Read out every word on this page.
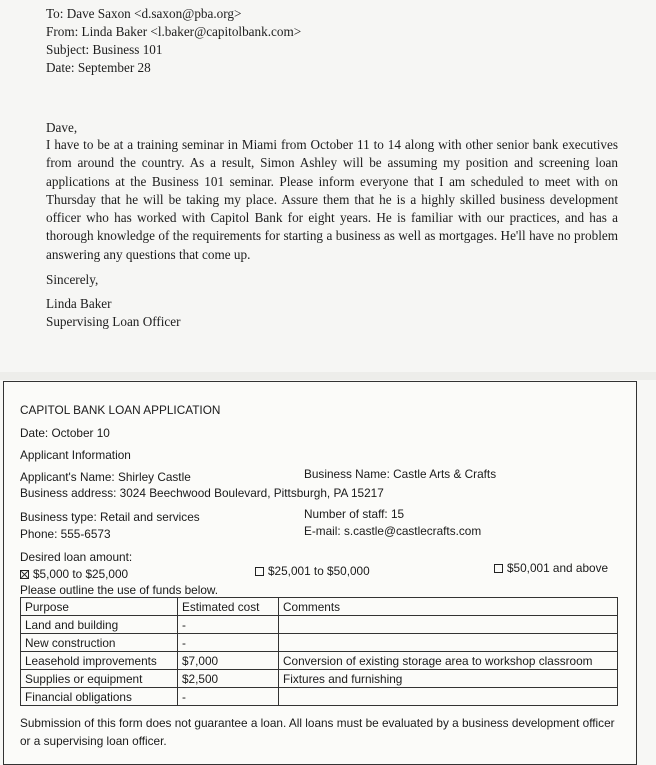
To: Dave Saxon <d.saxon@pba.org>
From: Linda Baker <l.baker@capitolbank.com>
Subject: Business 101
Date: September 28
Dave,
I have to be at a training seminar in Miami from October 11 to 14 along with other senior bank executives from around the country. As a result, Simon Ashley will be assuming my position and screening loan applications at the Business 101 seminar. Please inform everyone that I am scheduled to meet with on Thursday that he will be taking my place. Assure them that he is a highly skilled business development officer who has worked with Capitol Bank for eight years. He is familiar with our practices, and has a thorough knowledge of the requirements for starting a business as well as mortgages. He'll have no problem answering any questions that come up.
Sincerely,
Linda Baker
Supervising Loan Officer
CAPITOL BANK LOAN APPLICATION
Date: October 10
Applicant Information
Applicant's Name: Shirley Castle	Business Name: Castle Arts & Crafts
Business address: 3024 Beechwood Boulevard, Pittsburgh, PA 15217
Business type: Retail and services	Number of staff: 15
Phone: 555-6573	E-mail: s.castle@castlecrafts.com
Desired loan amount:
$5,000 to $25,000	$25,001 to $50,000	$50,001 and above
Please outline the use of funds below.
Purpose	Estimated cost	Comments
Land and building	-	
New construction	-	
Leasehold improvements	$7,000	Conversion of existing storage area to workshop classroom
Supplies or equipment	$2,500	Fixtures and furnishing
Financial obligations	-	
Submission of this form does not guarantee a loan. All loans must be evaluated by a business development officer or a supervising loan officer.
